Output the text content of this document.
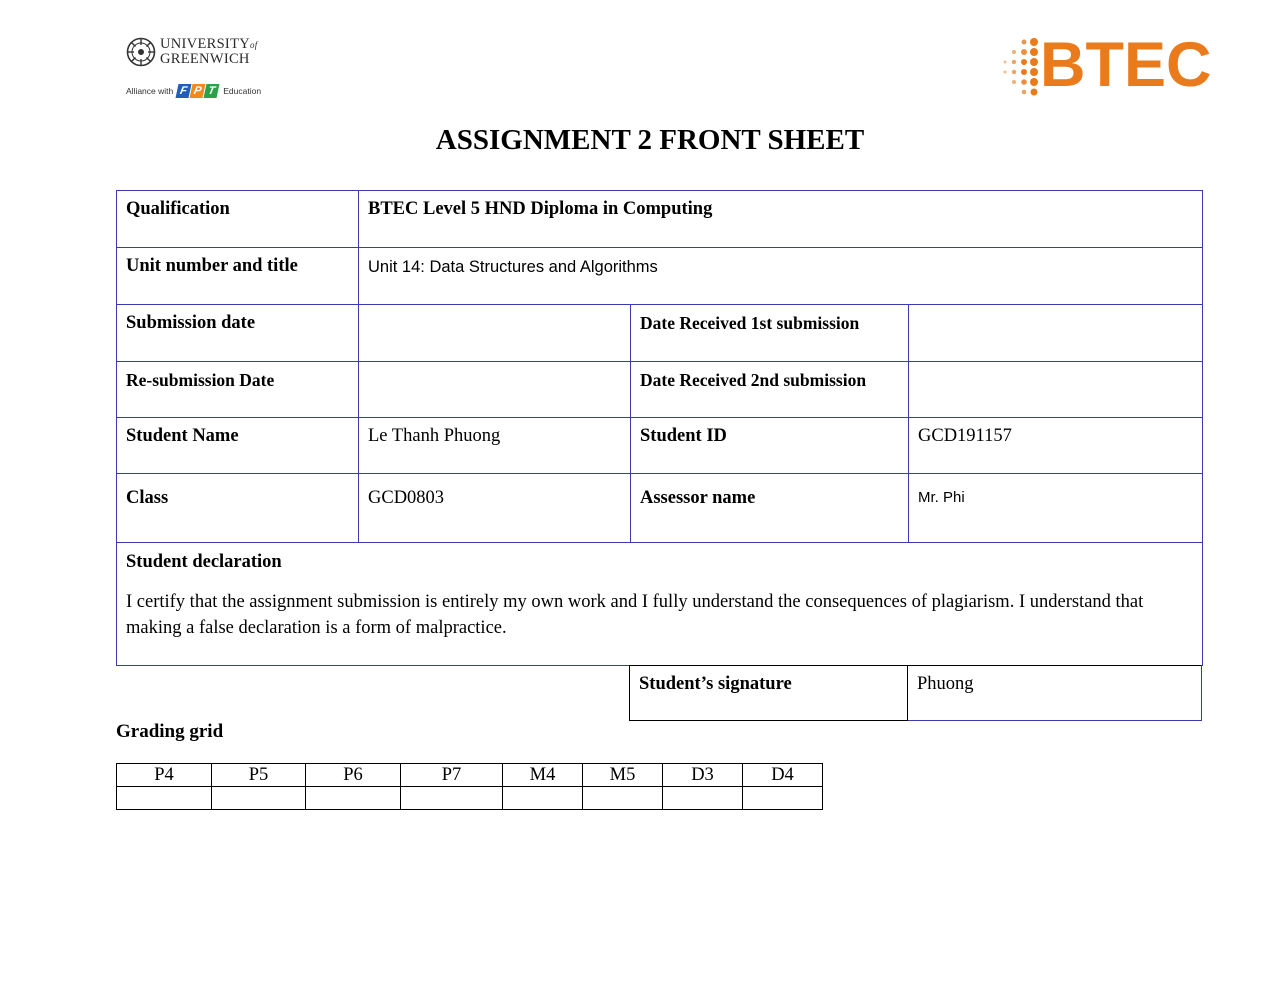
UNIVERSITYof
GREENWICH
Alliance with F P T Education	BTEC
ASSIGNMENT 2 FRONT SHEET
Qualification	BTEC Level 5 HND Diploma in Computing		
Unit number and title	Unit 14: Data Structures and Algorithms		
Submission date		Date Received 1st submission	
Re-submission Date		Date Received 2nd submission	
Student Name	Le Thanh Phuong	Student ID	GCD191157
Class	GCD0803	Assessor name	Mr. Phi

Student declaration
I certify that the assignment submission is entirely my own work and I fully understand the consequences of plagiarism. I understand that making a false declaration is a form of malpractice.			
Student’s signature	Phuong
Grading grid
P4	P5	P6	P7	M4	M5	D3	D4
